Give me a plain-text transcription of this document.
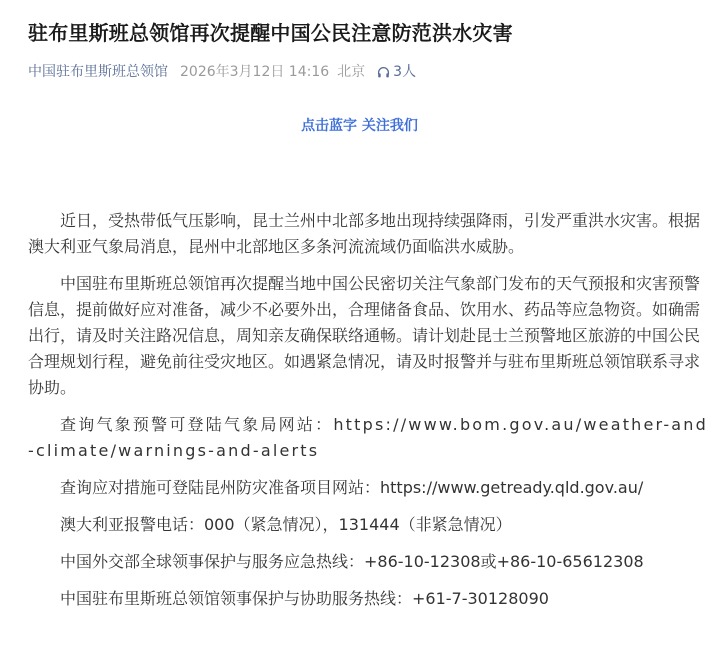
驻布里斯班总领馆再次提醒中国公民注意防范洪水灾害
中国驻布里斯班总领馆 2026年3月12日 14:16 北京 3人
点击蓝字 关注我们

近日，受热带低气压影响，昆士兰州中北部多地出现持续强降雨，引发严重洪水灾害。根据澳大利亚气象局消息，昆州中北部地区多条河流流域仍面临洪水威胁。

中国驻布里斯班总领馆再次提醒当地中国公民密切关注气象部门发布的天气预报和灾害预警信息，提前做好应对准备，减少不必要外出，合理储备食品、饮用水、药品等应急物资。如确需出行，请及时关注路况信息，周知亲友确保联络通畅。请计划赴昆士兰预警地区旅游的中国公民合理规划行程，避免前往受灾地区。如遇紧急情况，请及时报警并与驻布里斯班总领馆联系寻求协助。

查询气象预警可登陆气象局网站：https://www.bom.gov.au/weather-and-climate/warnings-and-alerts

查询应对措施可登陆昆州防灾准备项目网站：https://www.getready.qld.gov.au/

澳大利亚报警电话：000（紧急情况），131444（非紧急情况）

中国外交部全球领事保护与服务应急热线：+86-10-12308或+86-10-65612308

中国驻布里斯班总领馆领事保护与协助服务热线：+61-7-30128090
